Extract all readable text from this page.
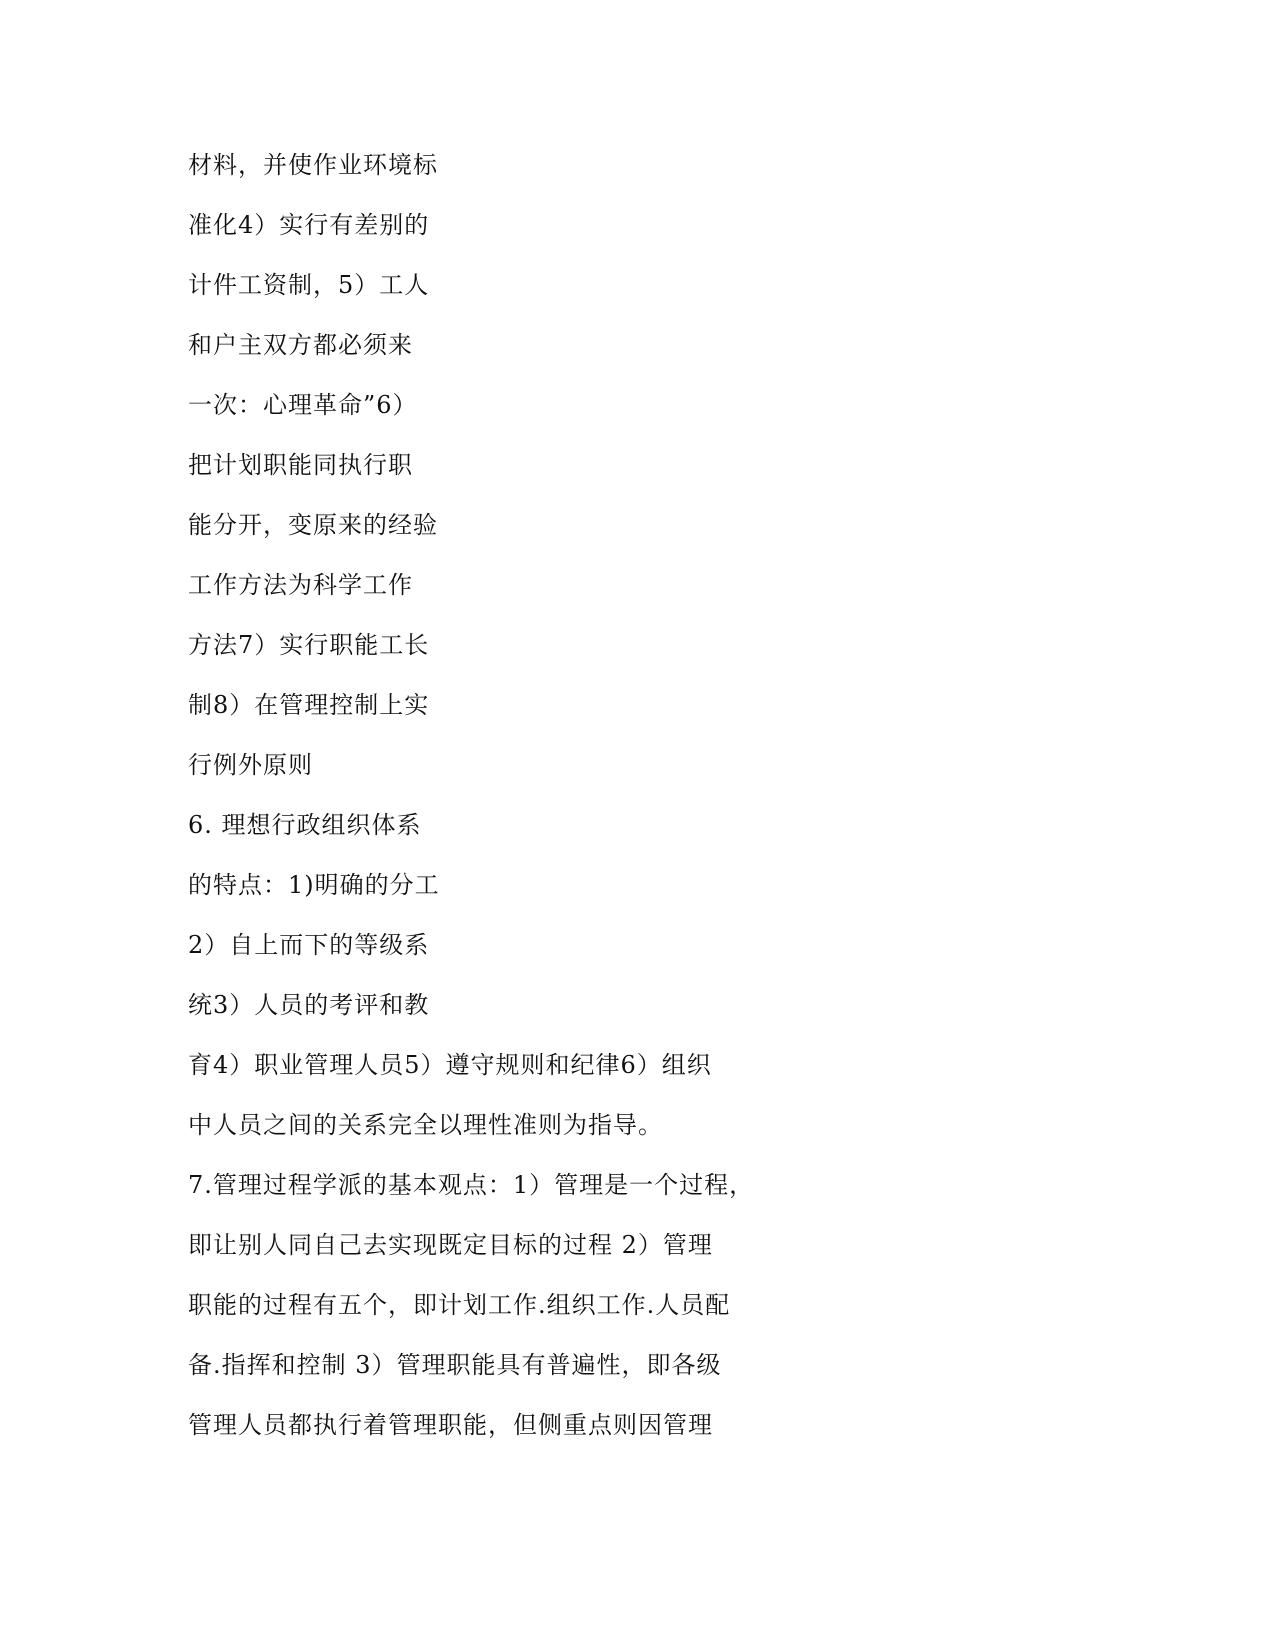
材料，并使作业环境标
准化4）实行有差别的
计件工资制，5）工人
和户主双方都必须来
一次：心理革命”6）
把计划职能同执行职
能分开，变原来的经验
工作方法为科学工作
方法7）实行职能工长
制8）在管理控制上实
行例外原则
6. 理想行政组织体系
的特点：1)明确的分工
2）自上而下的等级系
统3）人员的考评和教
育4）职业管理人员5）遵守规则和纪律6）组织
中人员之间的关系完全以理性准则为指导。
7.管理过程学派的基本观点：1）管理是一个过程，
即让别人同自己去实现既定目标的过程 2）管理
职能的过程有五个，即计划工作.组织工作.人员配
备.指挥和控制 3）管理职能具有普遍性，即各级
管理人员都执行着管理职能，但侧重点则因管理
